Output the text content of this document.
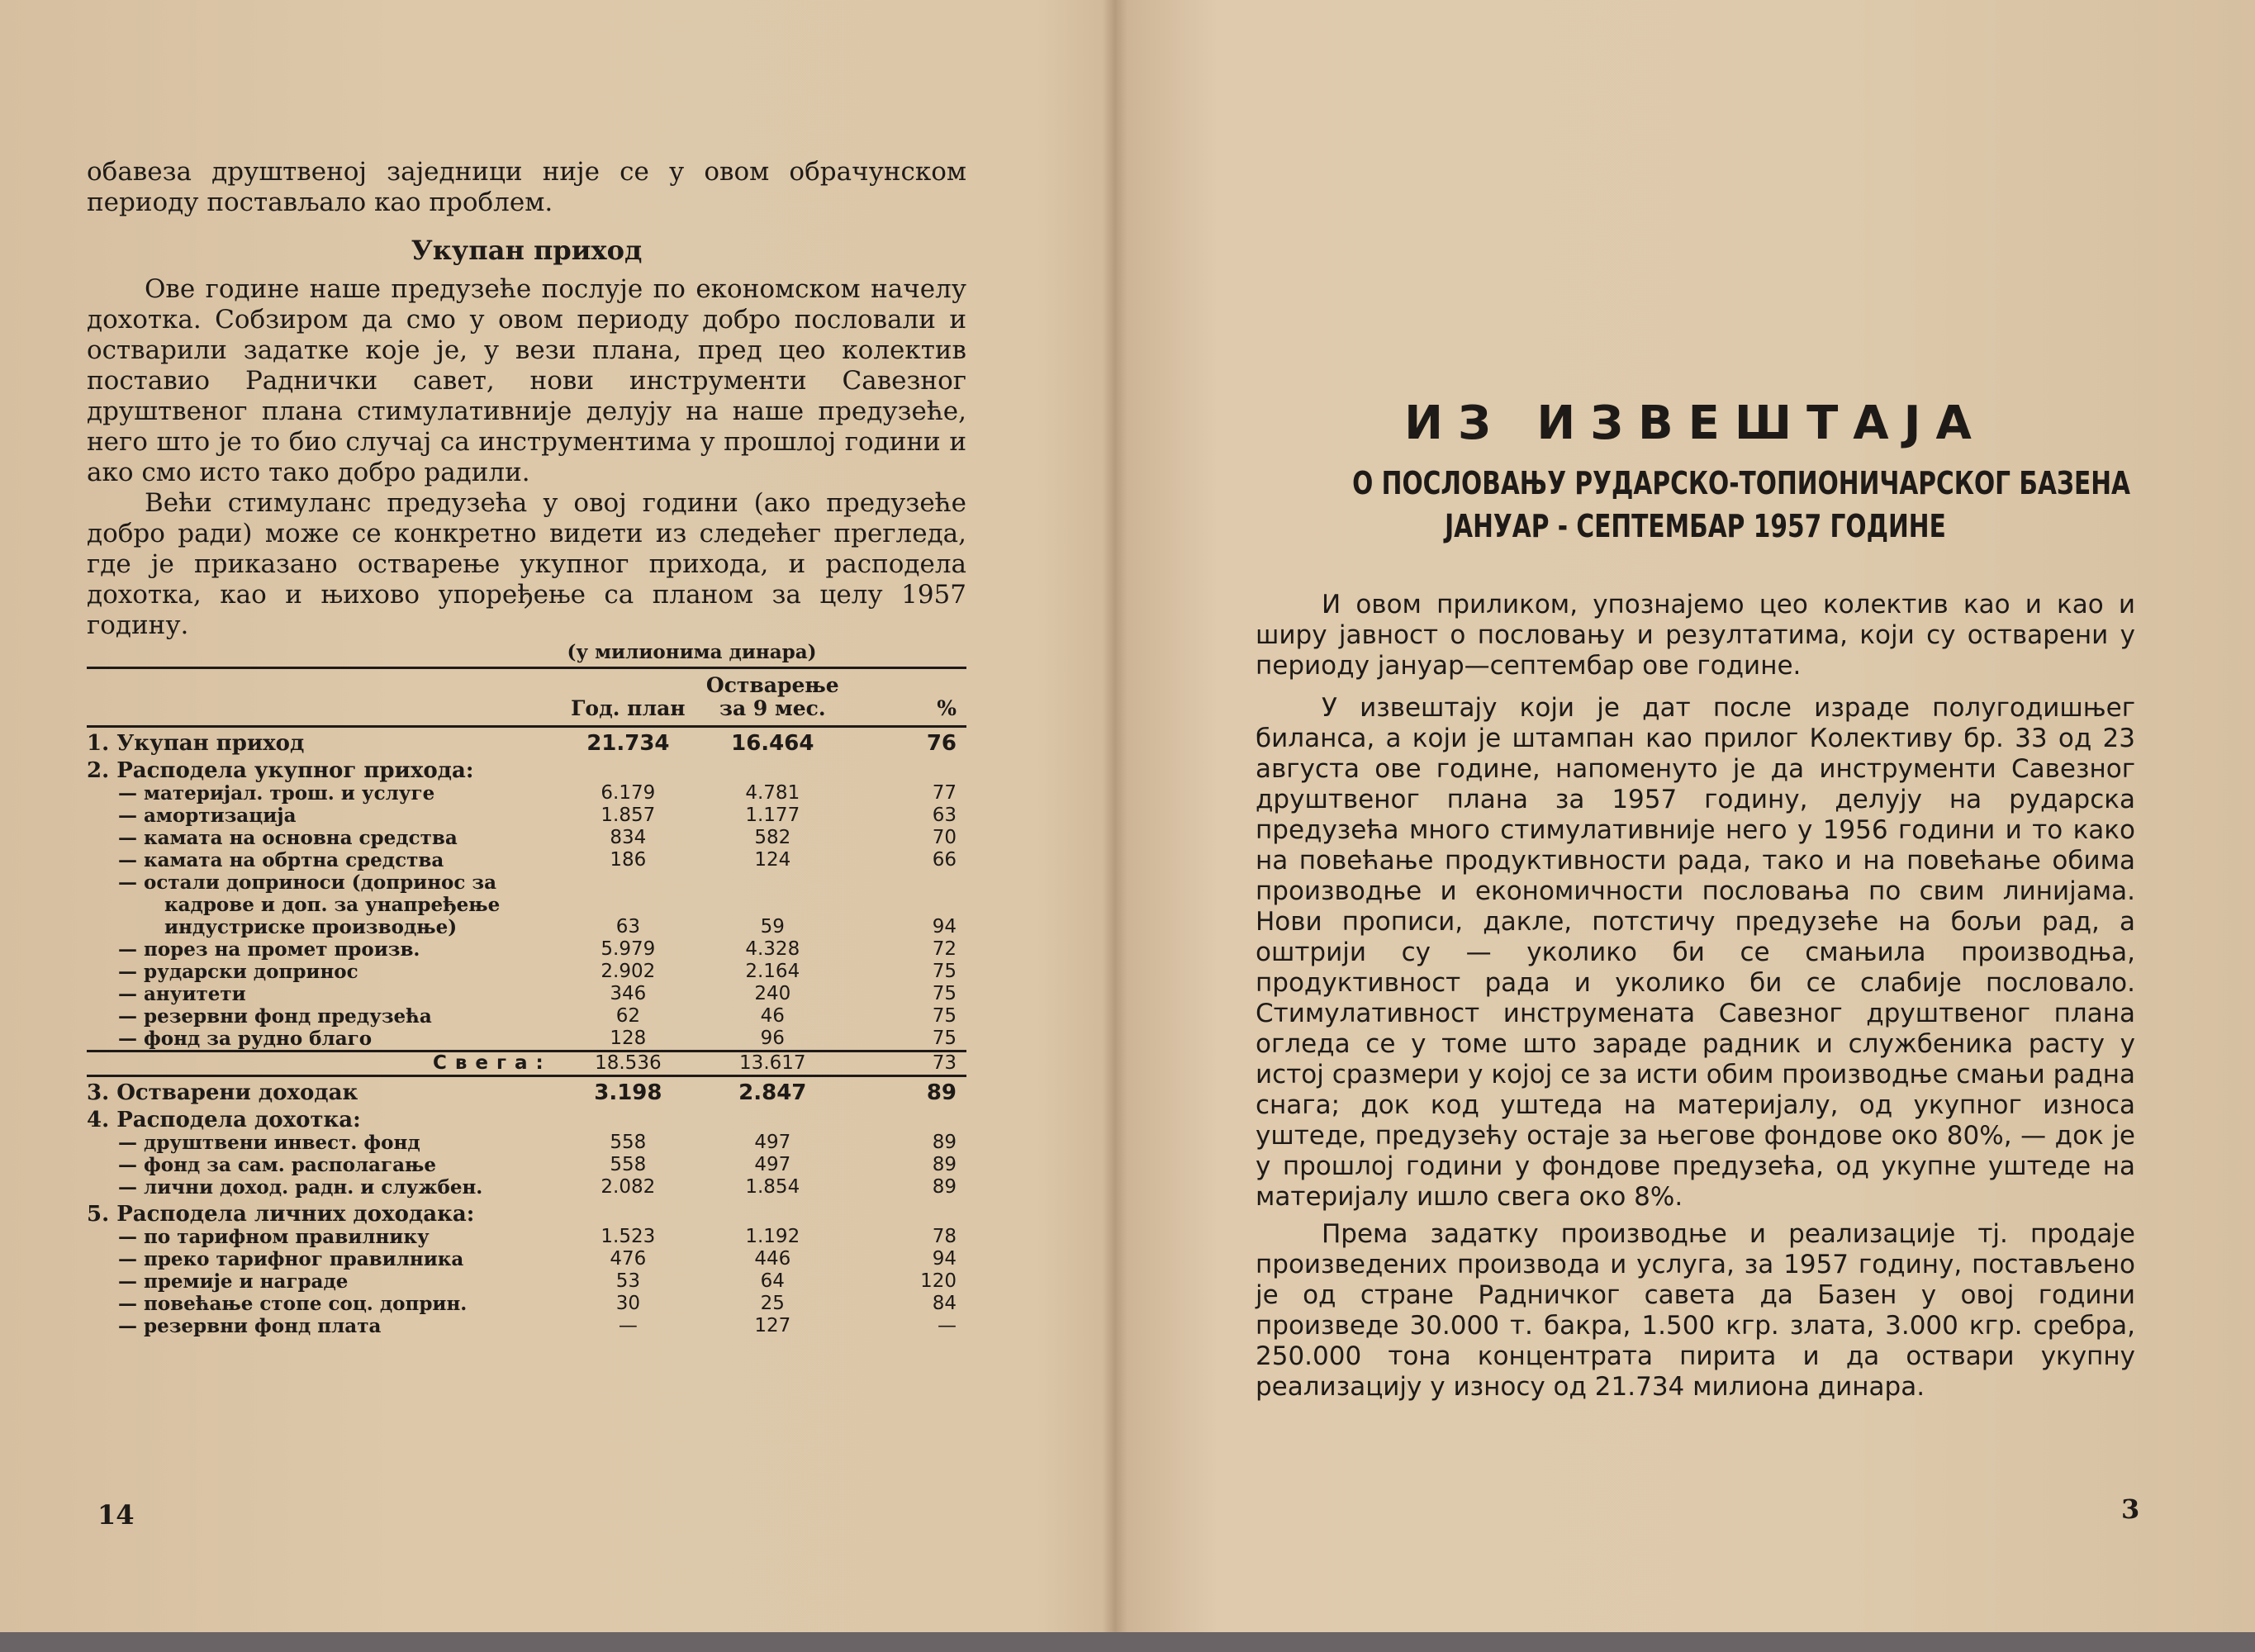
обавеза друштвеној заједници није се у овом обрачунском периоду постављало као проблем.

Укупан приход

Ове године наше предузеће послује по економском начелу дохотка. Собзиром да смо у овом периоду добро пословали и остварили задатке које је, у вези плана, пред цео колектив поставио Раднички савет, нови инструменти Савезног друштвеног плана стимулативније делују на наше предузеће, него што је то био случај са инструментима у прошлој години и ако смо исто тако добро радили.

Већи стимуланс предузећа у овој години (ако предузеће добро ради) може се конкретно видети из следећег прегледа, где је приказано остварење укупног прихода, и расподела дохотка, као и њихово упоређење са планом за целу 1957 годину.

(у милионима динара)
	Год. план	Остварење за 9 мес.	%
1. Укупан приход	21.734	16.464	76
2. Расподела укупног прихода:			
— материјал. трош. и услуге	6.179	4.781	77
— амортизација	1.857	1.177	63
— камата на основна средства	834	582	70
— камата на обртна средства	186	124	66
— остали доприноси (допринос за			
кадрове и доп. за унапређење			
индустриске производње)	63	59	94
— порез на промет произв.	5.979	4.328	72
— рударски допринос	2.902	2.164	75
— ануитети	346	240	75
— резервни фонд предузећа	62	46	75
— фонд за рудно благо	128	96	75
Свега:	18.536	13.617	73
3. Остварени доходак	3.198	2.847	89
4. Расподела дохотка:			
— друштвени инвест. фонд	558	497	89
— фонд за сам. располагање	558	497	89
— лични доход. радн. и службен.	2.082	1.854	89
5. Расподела личних доходака:			
— по тарифном правилнику	1.523	1.192	78
— преко тарифног правилника	476	446	94
— премије и награде	53	64	120
— повећање стопе соц. доприн.	30	25	84
— резервни фонд плата	—	127	—
14
ИЗ ИЗВЕШТАЈА
О ПОСЛОВАЊУ РУДАРСКО-ТОПИОНИЧАРСКОГ БАЗЕНА
ЈАНУАР - СЕПТЕМБАР 1957 ГОДИНЕ

И овом приликом, упознајемо цео колектив као и као и ширу јавност о пословању и резултатима, који су остварени у периоду јануар—септембар ове године.

У извештају који је дат после израде полугодишњег биланса, а који је штампан као прилог Колективу бр. 33 од 23 августа ове године, напоменуто је да инструменти Савезног друштвеног плана за 1957 годину, делују на рударска предузећа много стимулативније него у 1956 години и то како на повећање продуктивности рада, тако и на повећање обима производње и економичности пословања по свим линијама. Нови прописи, дакле, потстичу предузеће на бољи рад, а оштрији су — уколико би се смањила производња, продуктивност рада и уколико би се слабије пословало. Стимулативност инструмената Савезног друштвеног плана огледа се у томе што зараде радник и службеника расту у истој сразмери у којој се за исти обим производње смањи радна снага; док код уштеда на материјалу, од укупног износа уштеде, предузећу остаје за његове фондове око 80%, — док је у прошлој години у фондове предузећа, од укупне уштеде на материјалу ишло свега око 8%.

Према задатку производње и реализације тј. продаје произведених производа и услуга, за 1957 годину, постављено је од стране Радничког савета да Базен у овој години произведе 30.000 т. бакра, 1.500 кгр. злата, 3.000 кгр. сребра, 250.000 тона концентрата пирита и да оствари укупну реализацију у износу од 21.734 милиона динара.

3
